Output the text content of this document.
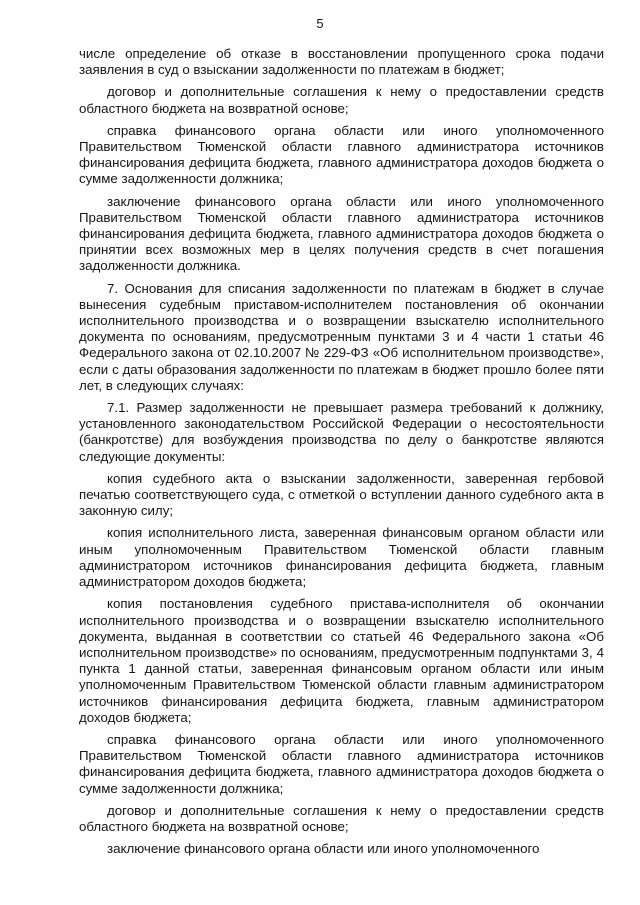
5

числе определение об отказе в восстановлении пропущенного срока подачи заявления в суд о взыскании задолженности по платежам в бюджет;

договор и дополнительные соглашения к нему о предоставлении средств областного бюджета на возвратной основе;

справка финансового органа области или иного уполномоченного Правительством Тюменской области главного администратора источников финансирования дефицита бюджета, главного администратора доходов бюджета о сумме задолженности должника;

заключение финансового органа области или иного уполномоченного Правительством Тюменской области главного администратора источников финансирования дефицита бюджета, главного администратора доходов бюджета о принятии всех возможных мер в целях получения средств в счет погашения задолженности должника.

7. Основания для списания задолженности по платежам в бюджет в случае вынесения судебным приставом-исполнителем постановления об окончании исполнительного производства и о возвращении взыскателю исполнительного документа по основаниям, предусмотренным пунктами 3 и 4 части 1 статьи 46 Федерального закона от 02.10.2007 № 229-ФЗ «Об исполнительном производстве», если с даты образования задолженности по платежам в бюджет прошло более пяти лет, в следующих случаях:

7.1. Размер задолженности не превышает размера требований к должнику, установленного законодательством Российской Федерации о несостоятельности (банкротстве) для возбуждения производства по делу о банкротстве являются следующие документы:

копия судебного акта о взыскании задолженности, заверенная гербовой печатью соответствующего суда, с отметкой о вступлении данного судебного акта в законную силу;

копия исполнительного листа, заверенная финансовым органом области или иным уполномоченным Правительством Тюменской области главным администратором источников финансирования дефицита бюджета, главным администратором доходов бюджета;

копия постановления судебного пристава-исполнителя об окончании исполнительного производства и о возвращении взыскателю исполнительного документа, выданная в соответствии со статьей 46 Федерального закона «Об исполнительном производстве» по основаниям, предусмотренным подпунктами 3, 4 пункта 1 данной статьи, заверенная финансовым органом области или иным уполномоченным Правительством Тюменской области главным администратором источников финансирования дефицита бюджета, главным администратором доходов бюджета;

справка финансового органа области или иного уполномоченного Правительством Тюменской области главного администратора источников финансирования дефицита бюджета, главного администратора доходов бюджета о сумме задолженности должника;

договор и дополнительные соглашения к нему о предоставлении средств областного бюджета на возвратной основе;

заключение финансового органа области или иного уполномоченного
